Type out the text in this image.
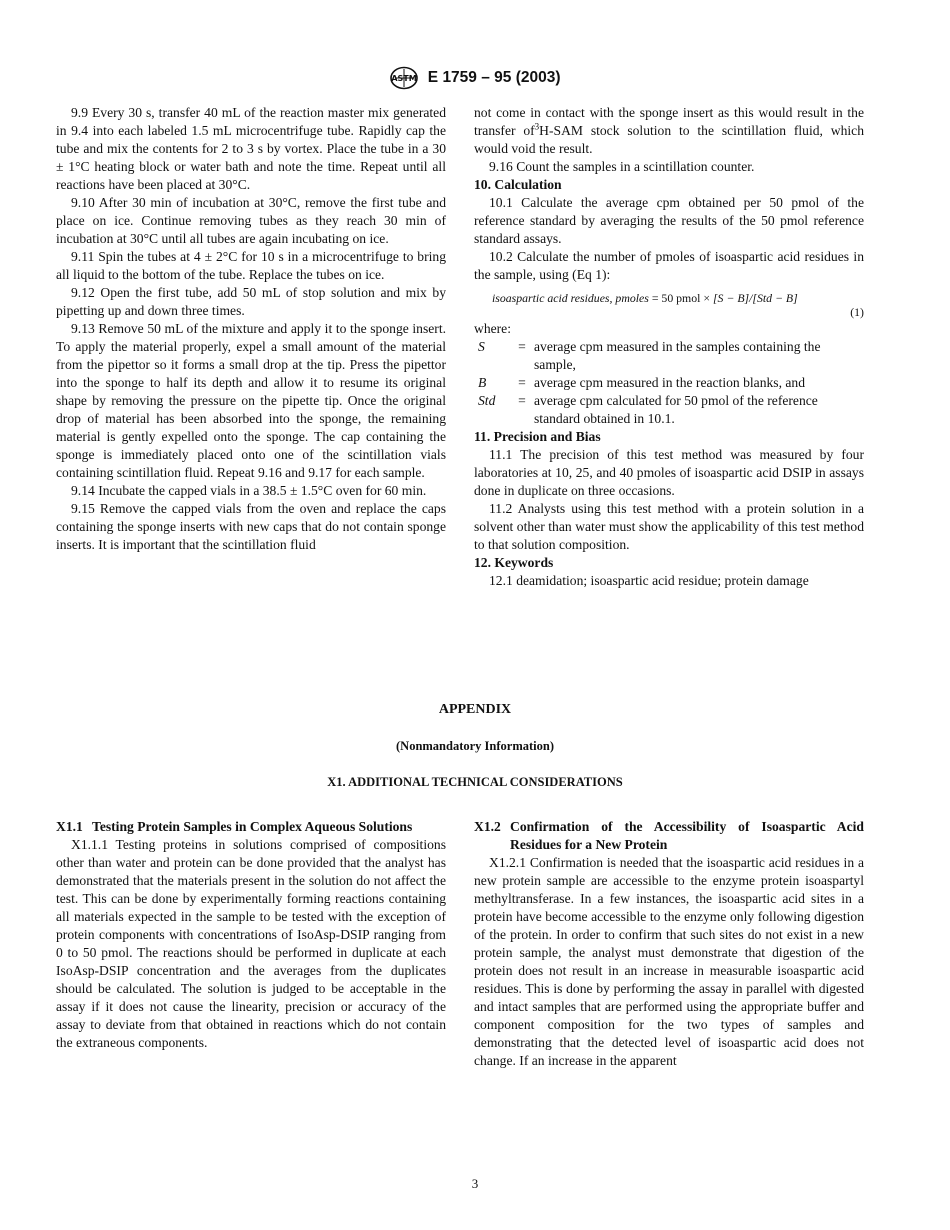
ASTM E 1759 – 95 (2003)

9.9 Every 30 s, transfer 40 mL of the reaction master mix generated in 9.4 into each labeled 1.5 mL microcentrifuge tube. Rapidly cap the tube and mix the contents for 2 to 3 s by vortex. Place the tube in a 30 ± 1°C heating block or water bath and note the time. Repeat until all reactions have been placed at 30°C.

9.10 After 30 min of incubation at 30°C, remove the first tube and place on ice. Continue removing tubes as they reach 30 min of incubation at 30°C until all tubes are again incubating on ice.

9.11 Spin the tubes at 4 ± 2°C for 10 s in a microcentrifuge to bring all liquid to the bottom of the tube. Replace the tubes on ice.

9.12 Open the first tube, add 50 mL of stop solution and mix by pipetting up and down three times.

9.13 Remove 50 mL of the mixture and apply it to the sponge insert. To apply the material properly, expel a small amount of the material from the pipettor so it forms a small drop at the tip. Press the pipettor into the sponge to half its depth and allow it to resume its original shape by removing the pressure on the pipette tip. Once the original drop of material has been absorbed into the sponge, the remaining material is gently expelled onto the sponge. The cap containing the sponge is immediately placed onto one of the scintillation vials containing scintillation fluid. Repeat 9.16 and 9.17 for each sample.

9.14 Incubate the capped vials in a 38.5 ± 1.5°C oven for 60 min.

9.15 Remove the capped vials from the oven and replace the caps containing the sponge inserts with new caps that do not contain sponge inserts. It is important that the scintillation fluid

not come in contact with the sponge insert as this would result in the transfer $of^3H$-SAM stock solution to the scintillation fluid, which would void the result.

9.16 Count the samples in a scintillation counter.

10. Calculation

10.1 Calculate the average cpm obtained per 50 pmol of the reference standard by averaging the results of the 50 pmol reference standard assays.

10.2 Calculate the number of pmoles of isoaspartic acid residues in the sample, using (Eq 1):

isoaspartic acid residues, pmoles = 50 pmol × [S − B]/[Std − B]
(1)
where:
S	= average cpm measured in the samples containing the sample,
B	= average cpm measured in the reaction blanks, and
Std	= average cpm calculated for 50 pmol of the reference standard obtained in 10.1.

11. Precision and Bias

11.1 The precision of this test method was measured by four laboratories at 10, 25, and 40 pmoles of isoaspartic acid DSIP in assays done in duplicate on three occasions.

11.2 Analysts using this test method with a protein solution in a solvent other than water must show the applicability of this test method to that solution composition.

12. Keywords

12.1 deamidation; isoaspartic acid residue; protein damage

APPENDIX
(Nonmandatory Information)
X1. ADDITIONAL TECHNICAL CONSIDERATIONS

X1.1 Testing Protein Samples in Complex Aqueous Solutions

X1.1.1 Testing proteins in solutions comprised of compositions other than water and protein can be done provided that the analyst has demonstrated that the materials present in the solution do not affect the test. This can be done by experimentally forming reactions containing all materials expected in the sample to be tested with the exception of protein components with concentrations of IsoAsp-DSIP ranging from 0 to 50 pmol. The reactions should be performed in duplicate at each IsoAsp-DSIP concentration and the averages from the duplicates should be calculated. The solution is judged to be acceptable in the assay if it does not cause the linearity, precision or accuracy of the assay to deviate from that obtained in reactions which do not contain the extraneous components.

X1.2 Confirmation of the Accessibility of Isoaspartic Acid Residues for a New Protein

X1.2.1 Confirmation is needed that the isoaspartic acid residues in a new protein sample are accessible to the enzyme protein isoaspartyl methyltransferase. In a few instances, the isoaspartic acid sites in a protein have become accessible to the enzyme only following digestion of the protein. In order to confirm that such sites do not exist in a new protein sample, the analyst must demonstrate that digestion of the protein does not result in an increase in measurable isoaspartic acid residues. This is done by performing the assay in parallel with digested and intact samples that are performed using the appropriate buffer and component composition for the two types of samples and demonstrating that the detected level of isoaspartic acid does not change. If an increase in the apparent

3
